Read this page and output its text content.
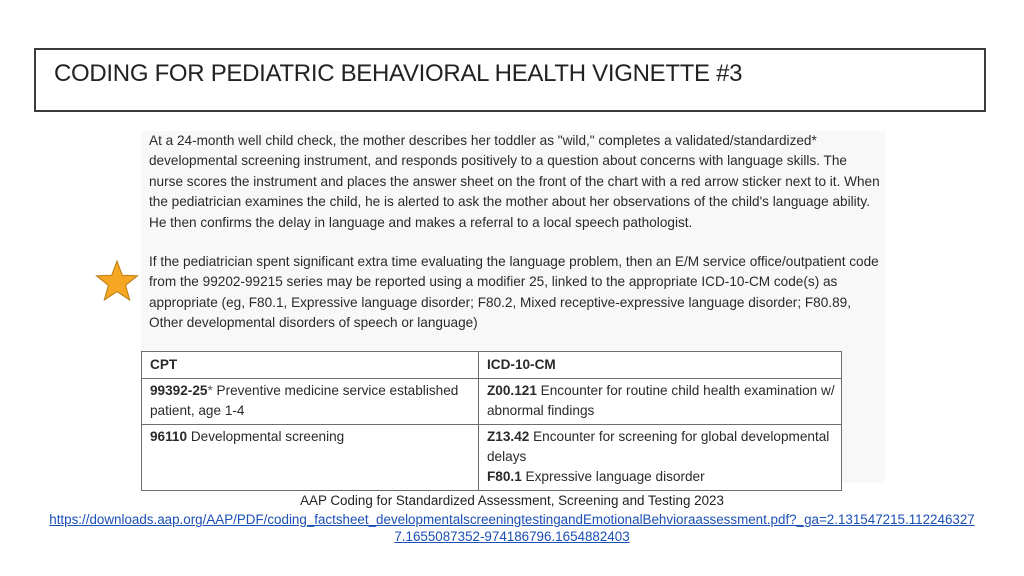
CODING FOR PEDIATRIC BEHAVIORAL HEALTH VIGNETTE #3

At a 24-month well child check, the mother describes her toddler as "wild," completes a validated/standardized* developmental screening instrument, and responds positively to a question about concerns with language skills. The nurse scores the instrument and places the answer sheet on the front of the chart with a red arrow sticker next to it. When the pediatrician examines the child, he is alerted to ask the mother about her observations of the child's language ability. He then confirms the delay in language and makes a referral to a local speech pathologist.

If the pediatrician spent significant extra time evaluating the language problem, then an E/M service office/outpatient code from the 99202-99215 series may be reported using a modifier 25, linked to the appropriate ICD-10-CM code(s) as appropriate (eg, F80.1, Expressive language disorder; F80.2, Mixed receptive-expressive language disorder; F80.89, Other developmental disorders of speech or language)

CPT	ICD-10-CM
99392-25* Preventive medicine service established patient, age 1-4	Z00.121 Encounter for routine child health examination w/ abnormal findings

96110 Developmental screening	Z13.42 Encounter for screening for global developmental delays
F80.1 Expressive language disorder
AAP Coding for Standardized Assessment, Screening and Testing 2023
https://downloads.aap.org/AAP/PDF/coding_factsheet_developmentalscreeningtestingandEmotionalBehvioraassessment.pdf?_ga=2.131547215.1122463277.1655087352-974186796.1654882403
